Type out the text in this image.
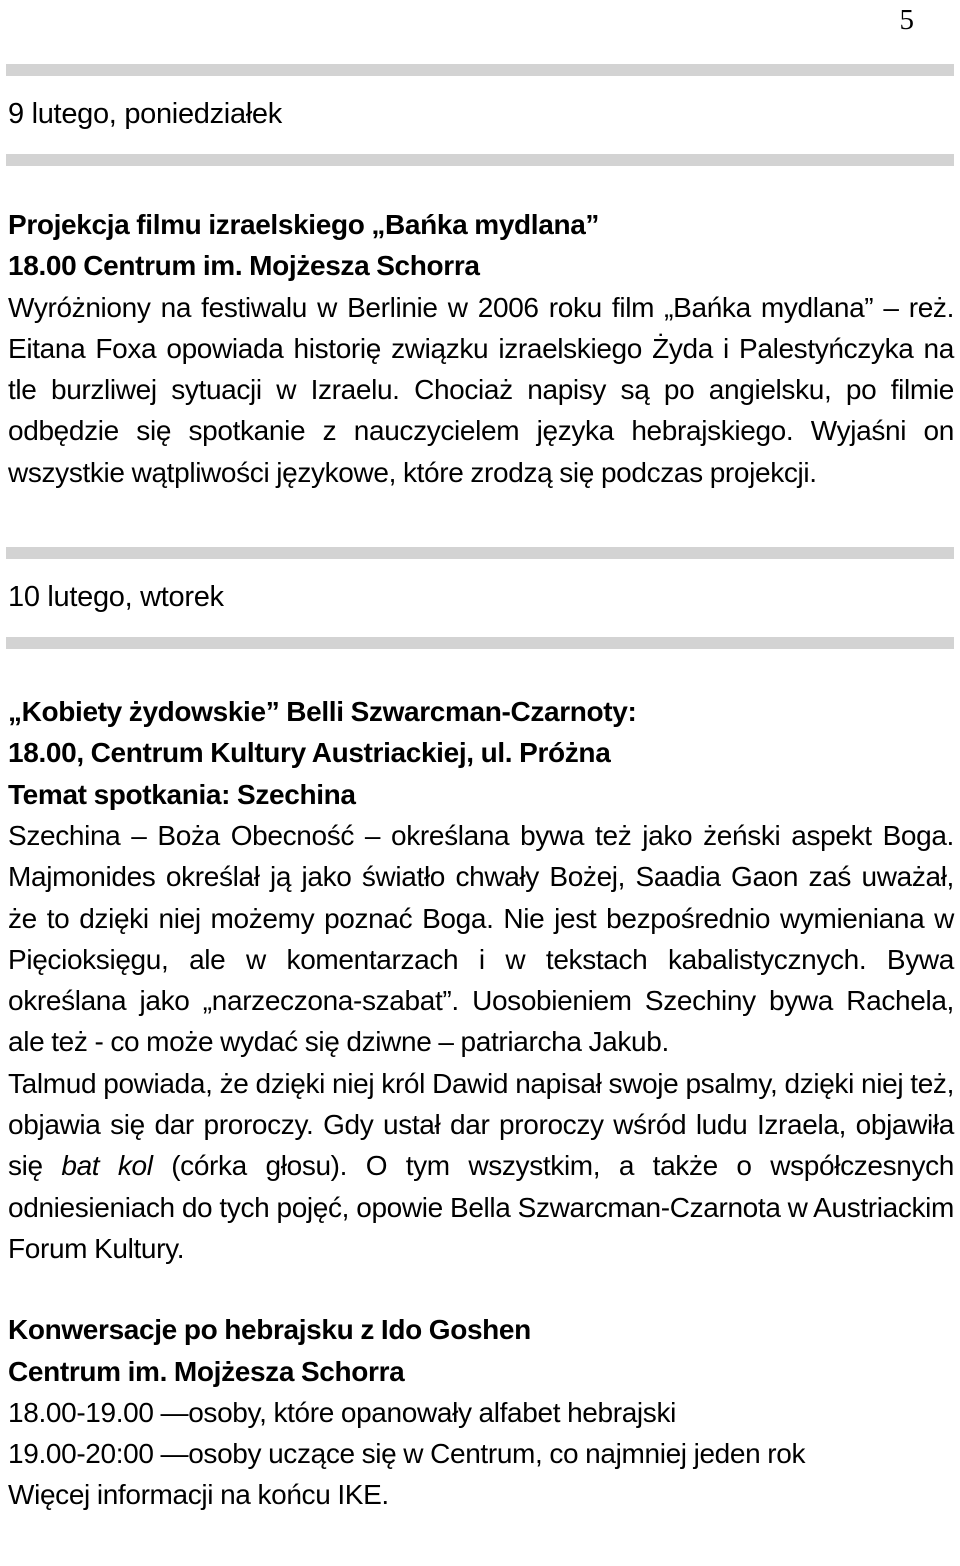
5
9 lutego, poniedziałek
Projekcja filmu izraelskiego „Bańka mydlana”
18.00 Centrum im. Mojżesza Schorra
Wyróżniony na festiwalu w Berlinie w 2006 roku film „Bańka mydlana” – reż. Eitana Foxa opowiada historię związku izraelskiego Żyda i Palestyńczyka na tle burzliwej sytuacji w Izraelu. Chociaż napisy są po angielsku, po filmie odbędzie się spotkanie z nauczycielem języka hebrajskiego. Wyjaśni on wszystkie wątpliwości językowe, które zrodzą się podczas projekcji.
10 lutego, wtorek
„Kobiety żydowskie” Belli Szwarcman-Czarnoty:
18.00, Centrum Kultury Austriackiej, ul. Próżna
Temat spotkania: Szechina
Szechina – Boża Obecność – określana bywa też jako żeński aspekt Boga. Majmonides określał ją jako światło chwały Bożej, Saadia Gaon zaś uważał, że to dzięki niej możemy poznać Boga. Nie jest bezpośrednio wymieniana w Pięcioksięgu, ale w komentarzach i w tekstach kabalistycznych. Bywa określana jako „narzeczona-szabat”. Uosobieniem Szechiny bywa Rachela, ale też - co może wydać się dziwne – patriarcha Jakub.
Talmud powiada, że dzięki niej król Dawid napisał swoje psalmy, dzięki niej też, objawia się dar proroczy. Gdy ustał dar proroczy wśród ludu Izraela, objawiła się bat kol (córka głosu). O tym wszystkim, a także o współczesnych odniesieniach do tych pojęć, opowie Bella Szwarcman-Czarnota w Austriackim Forum Kultury.
Konwersacje po hebrajsku z Ido Goshen
Centrum im. Mojżesza Schorra
18.00-19.00 —osoby, które opanowały alfabet hebrajski
19.00-20:00 —osoby uczące się w Centrum, co najmniej jeden rok
Więcej informacji na końcu IKE.
